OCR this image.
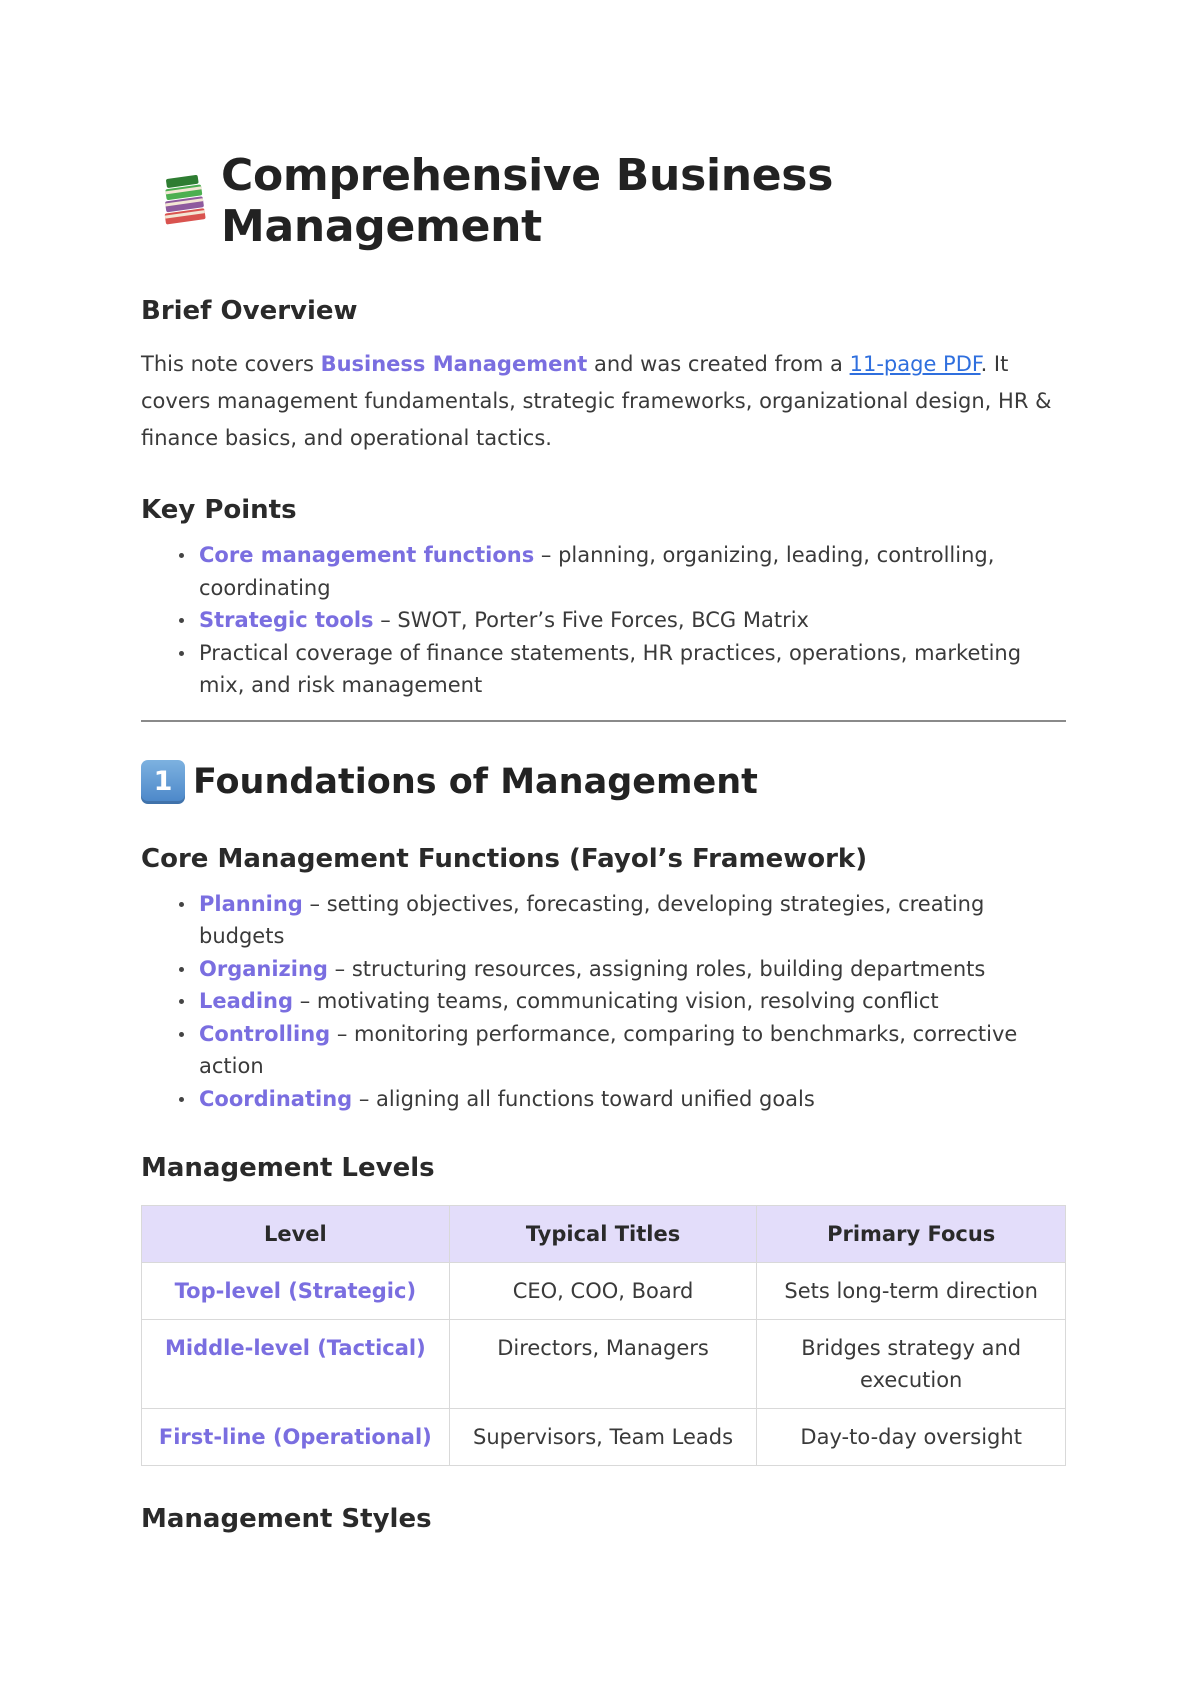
Comprehensive Business Management
Brief Overview

This note covers Business Management and was created from a 11-page PDF. It covers management fundamentals, strategic frameworks, organizational design, HR & finance basics, and operational tactics.

Key Points
Core management functions – planning, organizing, leading, controlling, coordinating
Strategic tools – SWOT, Porter’s Five Forces, BCG Matrix
Practical coverage of finance statements, HR practices, operations, marketing mix, and risk management
1 Foundations of Management
Core Management Functions (Fayol’s Framework)
Planning – setting objectives, forecasting, developing strategies, creating budgets
Organizing – structuring resources, assigning roles, building departments
Leading – motivating teams, communicating vision, resolving conflict
Controlling – monitoring performance, comparing to benchmarks, corrective action
Coordinating – aligning all functions toward unified goals
Management Levels
Level	Typical Titles	Primary Focus
Top-level (Strategic)	CEO, COO, Board	Sets long-term direction
Middle-level (Tactical)	Directors, Managers	Bridges strategy and execution
First-line (Operational)	Supervisors, Team Leads	Day-to-day oversight
Management Styles
